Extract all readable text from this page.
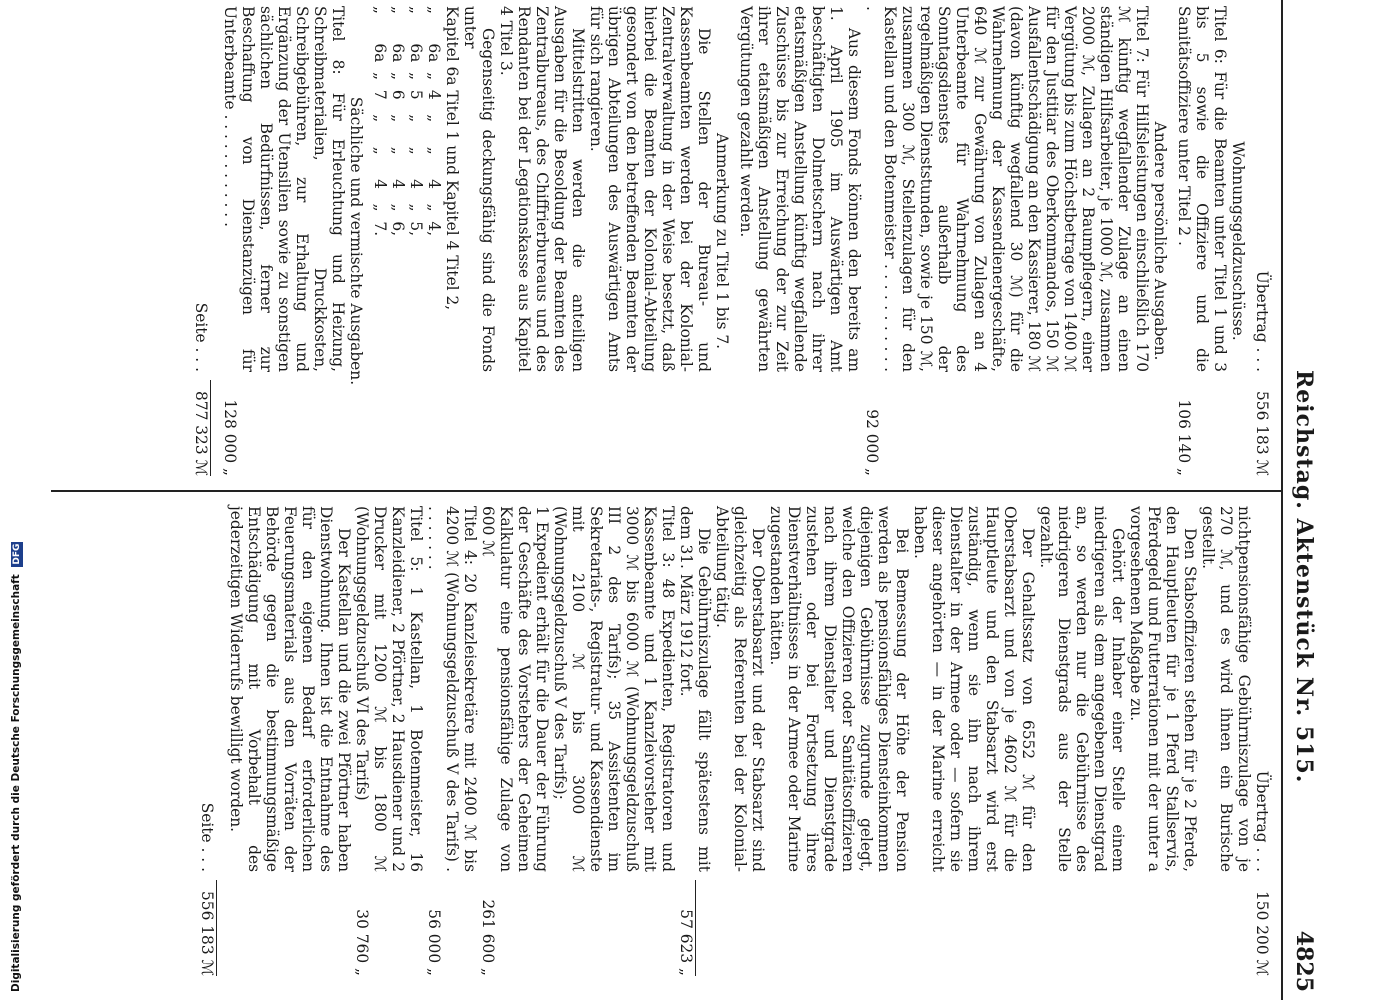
Reichstag. Aktenstück Nr. 515.
4825
Übertrag . . .
556 183 ℳ

Wohnungsgeldzuschüsse.

Titel 6: Für die Beamten unter Titel 1 und 3 bis 5 sowie die Offiziere und die Sanitätsoffiziere unter Titel 2 .
106 140 „

Andere persönliche Ausgaben.

Titel 7: Für Hilfsleistungen einschließlich 170 ℳ künftig wegfallender Zulage an einen ständigen Hilfsarbeiter, je 1000 ℳ, zusammen 2000 ℳ, Zulagen an 2 Baumpflegern, einer Vergütung bis zum Höchstbetrage von 1400 ℳ für den Justitiar des Oberkommandos, 150 ℳ Ausfallentschädigung an den Kassierer, 180 ℳ (davon künftig wegfallend 30 ℳ) für die Wahrnehmung der Kassendienergeschäfte, 640 ℳ zur Gewährung von Zulagen an 4 Unterbeamte für Wahrnehmung des Sonntagsdienstes außerhalb der regelmäßigen Dienststunden, sowie je 150 ℳ, zusammen 300 ℳ, Stellenzulagen für den Kastellan und den Botenmeister . . . . . . . . . . . .
92 000 „

Aus diesem Fonds können den bereits am 1. April 1905 im Auswärtigen Amt beschäftigten Dolmetschern nach ihrer etatsmäßigen Anstellung künftig wegfallende Zuschüsse bis zur Erreichung der zur Zeit ihrer etatsmäßigen Anstellung gewährten Vergütungen gezahlt werden.

Anmerkung zu Titel 1 bis 7.

Die Stellen der Bureau- und Kassenbeamten werden bei der Kolonial-Zentralverwaltung in der Weise besetzt, daß hierbei die Beamten der Kolonial-Abteilung gesondert von den betreffenden Beamten der übrigen Abteilungen des Auswärtigen Amts für sich rangieren.

Mittelstritten werden die anteiligen Ausgaben für die Besoldung der Beamten des Zentralbureaus, des Chiffrierbureaus und des Rendanten bei der Legationskasse aus Kapitel 4 Titel 3.

Gegenseitig deckungsfähig sind die Fonds unter

Kapitel 6a Titel 1 und Kapitel 4 Titel 2,
„      6a  „  4   „     „     4   „  4,
„      6a  „  5   „     „     4   „  5,
„      6a  „  6   „     „     4   „  6,
„      6a  „  7   „     „     4   „  7.

Sächliche und vermischte Ausgaben.

Titel 8: Für Erleuchtung und Heizung, Schreibmaterialien, Druckkosten, Schreibgebühren, zur Erhaltung und Ergänzung der Utensilien sowie zu sonstigen sächlichen Bedürfnissen, ferner zur Beschaffung von Dienstanzügen für Unterbeamte . . . . . . . . . . . .
128 000 „
Seite . . .
877 323 ℳ
Übertrag . . .
150 200 ℳ

nichtpensionsfähige Gebührniszulage von je 270 ℳ, und es wird ihnen ein Burische gestellt.

Den Stabsoffizieren stehen für je 2 Pferde, den Hauptleuten für je 1 Pferd Stallservis, Pferdegeld und Futterrationen mit der unter a vorgesehenen Maßgabe zu.

Gehört der Inhaber einer Stelle einem niedrigeren als dem angegebenen Dienstgrad an, so werden nur die Gebührnisse des niedrigeren Dienstgrads aus der Stelle gezahlt.

Der Gehaltssatz von 6552 ℳ für den Oberstabsarzt und von je 4602 ℳ für die Hauptleute und den Stabsarzt wird erst zuständig, wenn sie ihn nach ihrem Dienstalter in der Armee oder — sofern sie dieser angehörten — in der Marine erreicht haben.

Bei Bemessung der Höhe der Pension werden als pensionsfähiges Diensteinkommen diejenigen Gebührnisse zugrunde gelegt, welche den Offizieren oder Sanitätsoffizieren nach ihrem Dienstalter und Dienstgrade zustehen oder bei Fortsetzung ihres Dienstverhältnisses in der Armee oder Marine zugestanden hätten.

Der Oberstabsarzt und der Stabsarzt sind gleichzeitig als Referenten bei der Kolonial-Abteilung tätig.

Die Gebührniszulage fällt spätestens mit dem 31. März 1912 fort.

57 623 „
Titel 3: 48 Expedienten, Registratoren und Kassenbeamte und 1 Kanzleivorsteher mit 3000 ℳ bis 6000 ℳ (Wohnungsgeldzuschuß III 2 des Tarifs); 35 Assistenten im Sekretariats-, Registratur- und Kassendienste mit 2100 ℳ bis 3000 ℳ (Wohnungsgeldzuschuß V des Tarifs);
1 Expedient erhält für die Dauer der Führung der Geschäfte des Vorstehers der Geheimen Kalkulatur eine pensionsfähige Zulage von 600 ℳ
261 600 „
Titel 4: 20 Kanzleisekretäre mit 2400 ℳ bis 4200 ℳ (Wohnungsgeldzuschuß V des Tarifs) . . . . . . . .
56 000 „
Titel 5: 1 Kastellan, 1 Botenmeister, 16 Kanzleidiener, 2 Pförtner, 2 Hausdiener und 2 Drucker mit 1200 ℳ bis 1800 ℳ (Wohnungsgeldzuschuß VI des Tarifs)
30 760 „

Der Kastellan und die zwei Pförtner haben Dienstwohnung. Ihnen ist die Entnahme des für den eigenen Bedarf erforderlichen Feuerungsmaterials aus den Vorräten der Behörde gegen die bestimmungsmäßige Entschädigung mit Vorbehalt des jederzeitigen Widerrufs bewilligt worden.

Seite . . .
556 183 ℳ
Digitalisierung gefördert durch die Deutsche Forschungsgemeinschaft DFG
